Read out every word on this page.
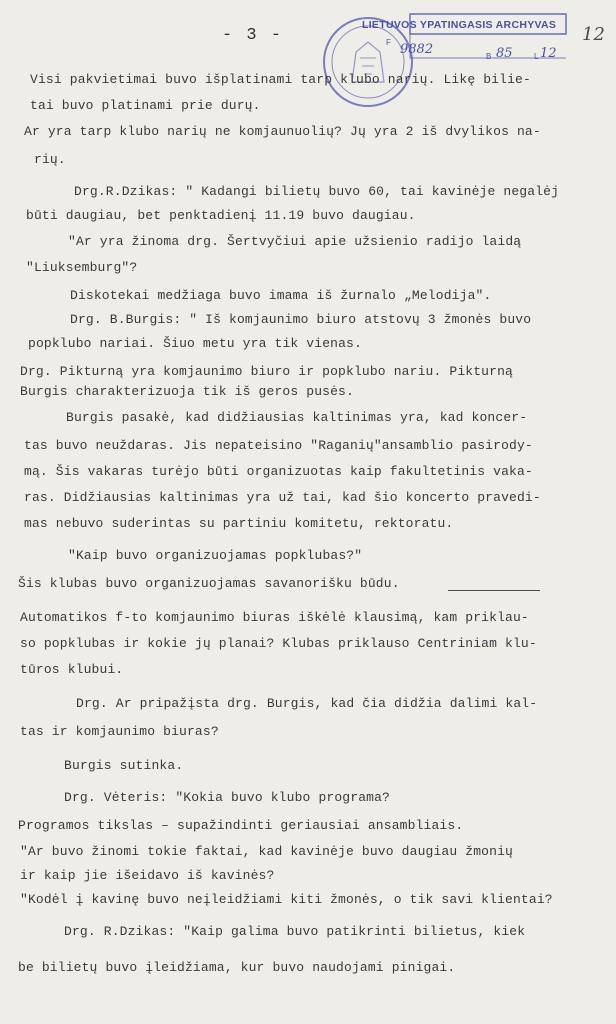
- 3 -
LIETUVOS YPATINGASIS ARCHYVAS
F 9882	B 85	L 12
12
Visi pakvietimai buvo išplatinami tarp klubo narių. Likę bilie-
tai buvo platinami prie durų.
Ar yra tarp klubo narių ne komjaunuolių? Jų yra 2 iš dvylikos na-
rių.
Drg.R.Dzikas: " Kadangi bilietų buvo 60, tai kavinėje negalėj
būti daugiau, bet penktadienį 11.19 buvo daugiau.
"Ar yra žinoma drg. Šertvyčiui apie užsienio radijo laidą
"Liuksemburg"?
Diskotekai medžiaga buvo imama iš žurnalo „Melodija".
Drg. B.Burgis: " Iš komjaunimo biuro atstovų 3 žmonės buvo
popklubo nariai. Šiuo metu yra tik vienas.
Drg. Pikturną yra komjaunimo biuro ir popklubo nariu. Pikturną
Burgis charakterizuoja tik iš geros pusės.
Burgis pasakė, kad didžiausias kaltinimas yra, kad koncer-
tas buvo neuždaras. Jis nepateisino "Raganių"ansamblio pasirody-
mą. Šis vakaras turėjo būti organizuotas kaip fakultetinis vaka-
ras. Didžiausias kaltinimas yra už tai, kad šio koncerto pravedi-
mas nebuvo suderintas su partiniu komitetu, rektoratu.
"Kaip buvo organizuojamas popklubas?"
Šis klubas buvo organizuojamas savanorišku būdu.
Automatikos f-to komjaunimo biuras iškėlė klausimą, kam priklau-
so popklubas ir kokie jų planai? Klubas priklauso Centriniam klu-
tūros klubui.
Drg. Ar pripažįsta drg. Burgis, kad čia didžia dalimi kal-
tas ir komjaunimo biuras?
Burgis sutinka.
Drg. Vėteris: "Kokia buvo klubo programa?
Programos tikslas – supažindinti geriausiai ansambliais.
"Ar buvo žinomi tokie faktai, kad kavinėje buvo daugiau žmonių
ir kaip jie išeidavo iš kavinės?
"Kodėl į kavinę buvo neįleidžiami kiti žmonės, o tik savi klientai?
Drg. R.Dzikas: "Kaip galima buvo patikrinti bilietus, kiek
be bilietų buvo įleidžiama, kur buvo naudojami pinigai.
